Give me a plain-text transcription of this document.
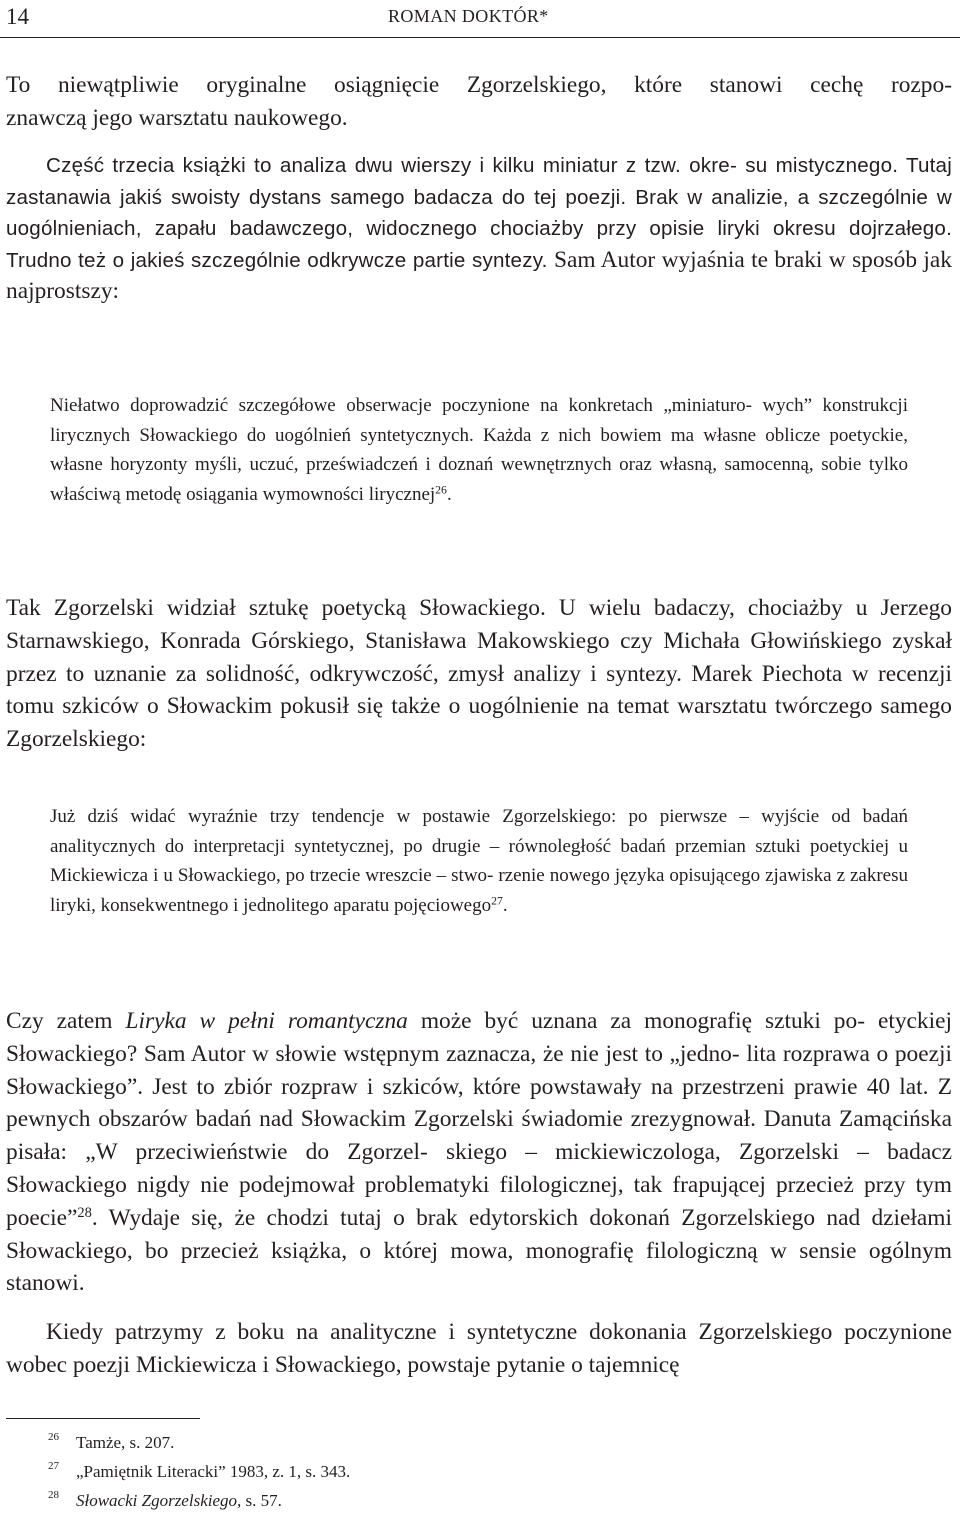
14	ROMAN DOKTÓR*
To niewątpliwie oryginalne osiągnięcie Zgorzelskiego, które stanowi cechę rozpo-
znawczą jego warsztatu naukowego.

Część trzecia książki to analiza dwu wierszy i kilku miniatur z tzw. okre- su mistycznego. Tutaj zastanawia jakiś swoisty dystans samego badacza do tej poezji. Brak w analizie, a szczególnie w uogólnieniach, zapału badawczego, widocznego chociażby przy opisie liryki okresu dojrzałego. Trudno też o jakieś szczególnie odkrywcze partie syntezy. Sam Autor wyjaśnia te braki w sposób jak najprostszy:

Niełatwo doprowadzić szczegółowe obserwacje poczynione na konkretach „miniaturo- wych” konstrukcji lirycznych Słowackiego do uogólnień syntetycznych. Każda z nich bowiem ma własne oblicze poetyckie, własne horyzonty myśli, uczuć, przeświadczeń i doznań wewnętrznych oraz własną, samocenną, sobie tylko właściwą metodę osiągania wymowności lirycznej$^{26}$.

Tak Zgorzelski widział sztukę poetycką Słowackiego. U wielu badaczy, chociażby u Jerzego Starnawskiego, Konrada Górskiego, Stanisława Makowskiego czy Michała Głowińskiego zyskał przez to uznanie za solidność, odkrywczość, zmysł analizy i syntezy. Marek Piechota w recenzji tomu szkiców o Słowackim pokusił się także o uogólnienie na temat warsztatu twórczego samego Zgorzelskiego:

Już dziś widać wyraźnie trzy tendencje w postawie Zgorzelskiego: po pierwsze – wyjście od badań analitycznych do interpretacji syntetycznej, po drugie – równoległość badań przemian sztuki poetyckiej u Mickiewicza i u Słowackiego, po trzecie wreszcie – stwo- rzenie nowego języka opisującego zjawiska z zakresu liryki, konsekwentnego i jednolitego aparatu pojęciowego$^{27}$.

Czy zatem Liryka w pełni romantyczna może być uznana za monografię sztuki po- etyckiej Słowackiego? Sam Autor w słowie wstępnym zaznacza, że nie jest to „jedno- lita rozprawa o poezji Słowackiego”. Jest to zbiór rozpraw i szkiców, które powstawały na przestrzeni prawie 40 lat. Z pewnych obszarów badań nad Słowackim Zgorzelski świadomie zrezygnował. Danuta Zamącińska pisała: „W przeciwieństwie do Zgorzel- skiego – mickiewiczologa, Zgorzelski – badacz Słowackiego nigdy nie podejmował problematyki filologicznej, tak frapującej przecież przy tym poecie”$^{28}$. Wydaje się, że chodzi tutaj o brak edytorskich dokonań Zgorzelskiego nad dziełami Słowackiego, bo przecież książka, o której mowa, monografię filologiczną w sensie ogólnym stanowi.

Kiedy patrzymy z boku na analityczne i syntetyczne dokonania Zgorzelskiego poczynione wobec poezji Mickiewicza i Słowackiego, powstaje pytanie o tajemnicę

26 Tamże, s. 207.
27 „Pamiętnik Literacki” 1983, z. 1, s. 343.
28 Słowacki Zgorzelskiego, s. 57.
